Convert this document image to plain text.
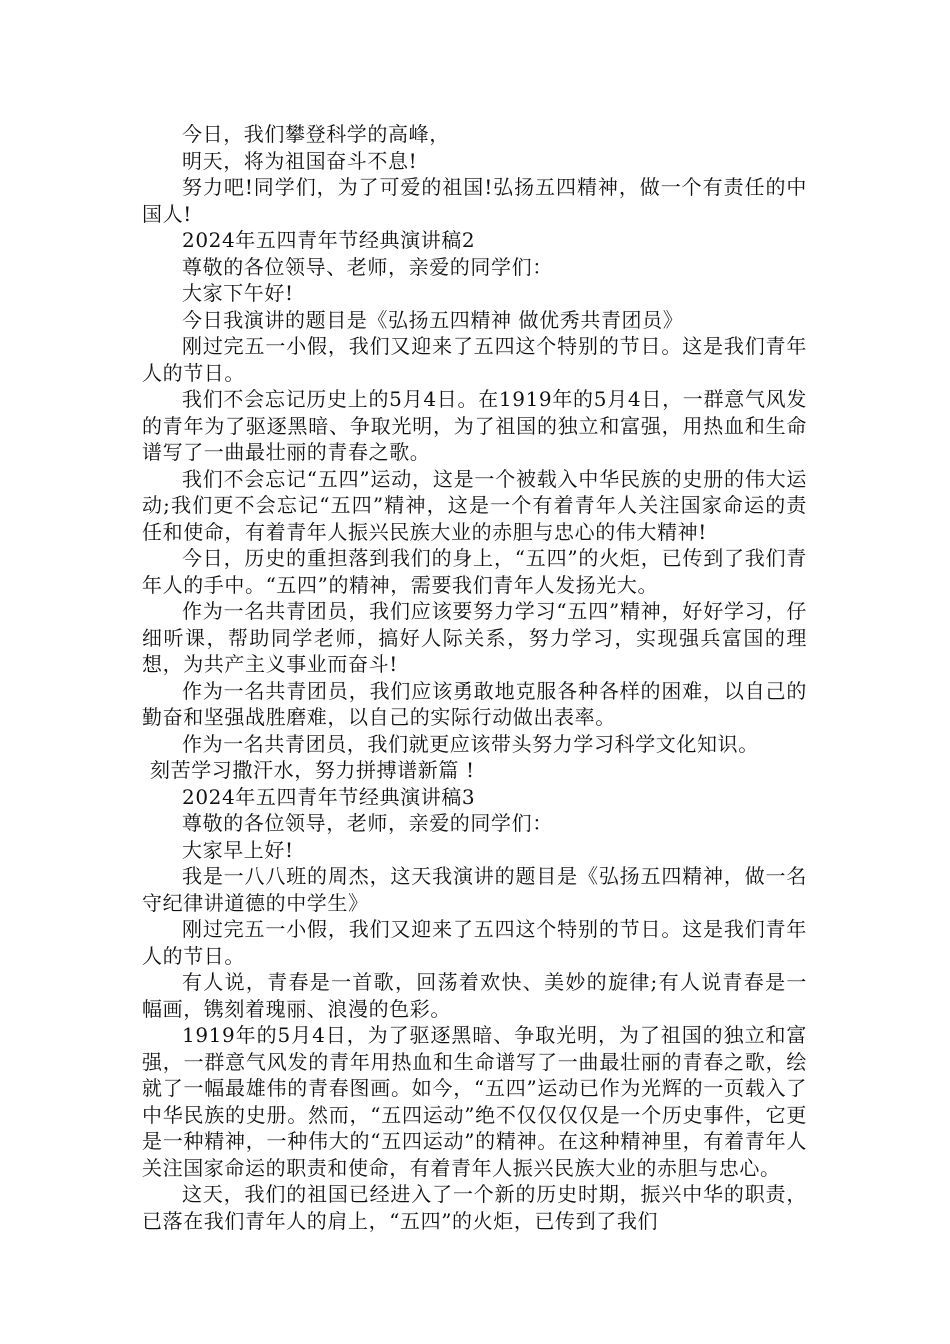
今日，我们攀登科学的高峰，

明天，将为祖国奋斗不息!

努力吧!同学们，为了可爱的祖国!弘扬五四精神，做一个有责任的中国人!

2024年五四青年节经典演讲稿2

尊敬的各位领导、老师，亲爱的同学们：

大家下午好!

今日我演讲的题目是《弘扬五四精神 做优秀共青团员》

刚过完五一小假，我们又迎来了五四这个特别的节日。这是我们青年人的节日。

我们不会忘记历史上的5月4日。在1919年的5月4日，一群意气风发的青年为了驱逐黑暗、争取光明，为了祖国的独立和富强，用热血和生命谱写了一曲最壮丽的青春之歌。

我们不会忘记“五四”运动，这是一个被载入中华民族的史册的伟大运动;我们更不会忘记“五四”精神，这是一个有着青年人关注国家命运的责任和使命，有着青年人振兴民族大业的赤胆与忠心的伟大精神!

今日，历史的重担落到我们的身上，“五四”的火炬，已传到了我们青年人的手中。“五四”的精神，需要我们青年人发扬光大。

作为一名共青团员，我们应该要努力学习“五四”精神，好好学习，仔细听课，帮助同学老师，搞好人际关系，努力学习，实现强兵富国的理想，为共产主义事业而奋斗!

作为一名共青团员，我们应该勇敢地克服各种各样的困难，以自己的勤奋和坚强战胜磨难，以自己的实际行动做出表率。

作为一名共青团员，我们就更应该带头努力学习科学文化知识。

刻苦学习撒汗水，努力拼搏谱新篇 !

2024年五四青年节经典演讲稿3

尊敬的各位领导，老师，亲爱的同学们：

大家早上好!

我是一八八班的周杰，这天我演讲的题目是《弘扬五四精神，做一名守纪律讲道德的中学生》

刚过完五一小假，我们又迎来了五四这个特别的节日。这是我们青年人的节日。

有人说，青春是一首歌，回荡着欢快、美妙的旋律;有人说青春是一幅画，镌刻着瑰丽、浪漫的色彩。

1919年的5月4日，为了驱逐黑暗、争取光明，为了祖国的独立和富强，一群意气风发的青年用热血和生命谱写了一曲最壮丽的青春之歌，绘就了一幅最雄伟的青春图画。如今，“五四”运动已作为光辉的一页载入了中华民族的史册。然而，“五四运动”绝不仅仅仅仅是一个历史事件，它更是一种精神，一种伟大的“五四运动”的精神。在这种精神里，有着青年人关注国家命运的职责和使命，有着青年人振兴民族大业的赤胆与忠心。

这天，我们的祖国已经进入了一个新的历史时期，振兴中华的职责，已落在我们青年人的肩上，“五四”的火炬，已传到了我们
